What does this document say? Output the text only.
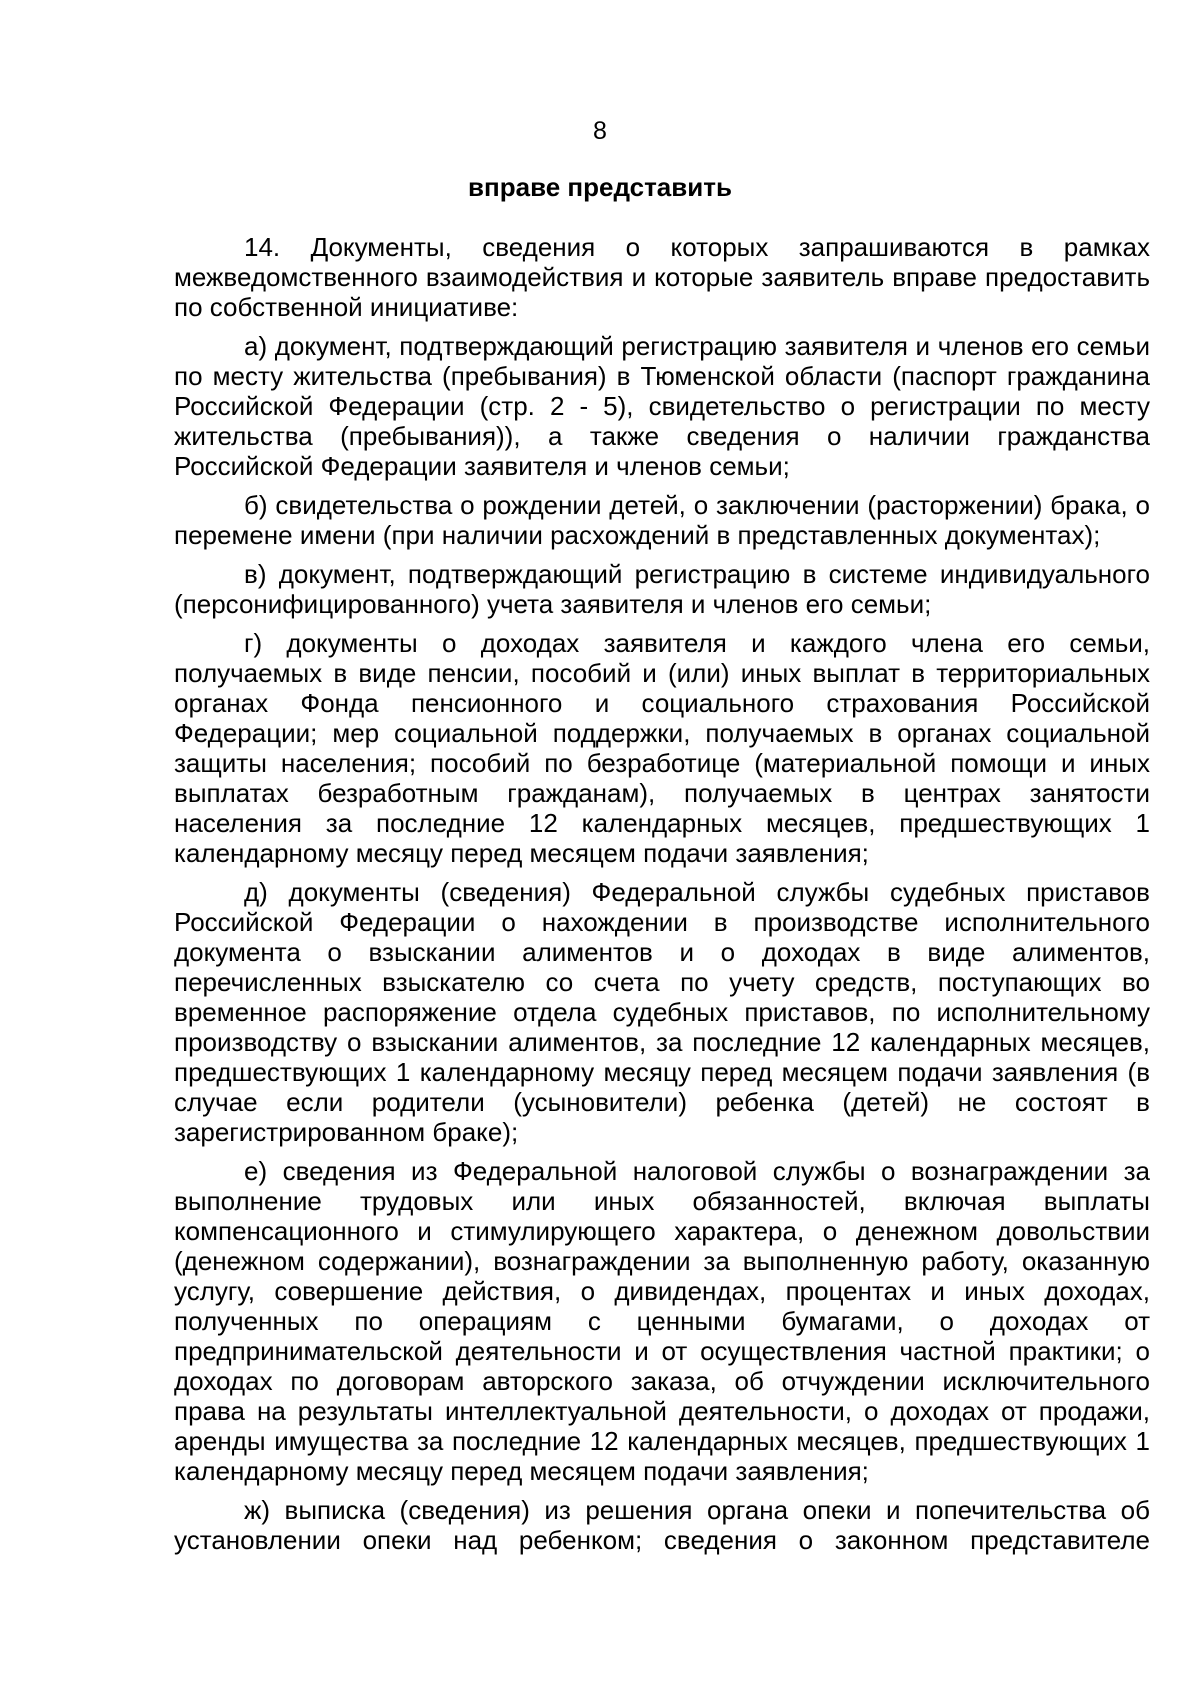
8
вправе представить

14. Документы, сведения о которых запрашиваются в рамках межведомственного взаимодействия и которые заявитель вправе предоставить по собственной инициативе:

а) документ, подтверждающий регистрацию заявителя и членов его семьи по месту жительства (пребывания) в Тюменской области (паспорт гражданина Российской Федерации (стр. 2 - 5), свидетельство о регистрации по месту жительства (пребывания)), а также сведения о наличии гражданства Российской Федерации заявителя и членов семьи;

б) свидетельства о рождении детей, о заключении (расторжении) брака, о перемене имени (при наличии расхождений в представленных документах);

в) документ, подтверждающий регистрацию в системе индивидуального (персонифицированного) учета заявителя и членов его семьи;

г) документы о доходах заявителя и каждого члена его семьи, получаемых в виде пенсии, пособий и (или) иных выплат в территориальных органах Фонда пенсионного и социального страхования Российской Федерации; мер социальной поддержки, получаемых в органах социальной защиты населения; пособий по безработице (материальной помощи и иных выплатах безработным гражданам), получаемых в центрах занятости населения за последние 12 календарных месяцев, предшествующих 1 календарному месяцу перед месяцем подачи заявления;

д) документы (сведения) Федеральной службы судебных приставов Российской Федерации о нахождении в производстве исполнительного документа о взыскании алиментов и о доходах в виде алиментов, перечисленных взыскателю со счета по учету средств, поступающих во временное распоряжение отдела судебных приставов, по исполнительному производству о взыскании алиментов, за последние 12 календарных месяцев, предшествующих 1 календарному месяцу перед месяцем подачи заявления (в случае если родители (усыновители) ребенка (детей) не состоят в зарегистрированном браке);

е) сведения из Федеральной налоговой службы о вознаграждении за выполнение трудовых или иных обязанностей, включая выплаты компенсационного и стимулирующего характера, о денежном довольствии (денежном содержании), вознаграждении за выполненную работу, оказанную услугу, совершение действия, о дивидендах, процентах и иных доходах, полученных по операциям с ценными бумагами, о доходах от предпринимательской деятельности и от осуществления частной практики; о доходах по договорам авторского заказа, об отчуждении исключительного права на результаты интеллектуальной деятельности, о доходах от продажи, аренды имущества за последние 12 календарных месяцев, предшествующих 1 календарному месяцу перед месяцем подачи заявления;

ж) выписка (сведения) из решения органа опеки и попечительства об установлении опеки над ребенком; сведения о законном представителе
